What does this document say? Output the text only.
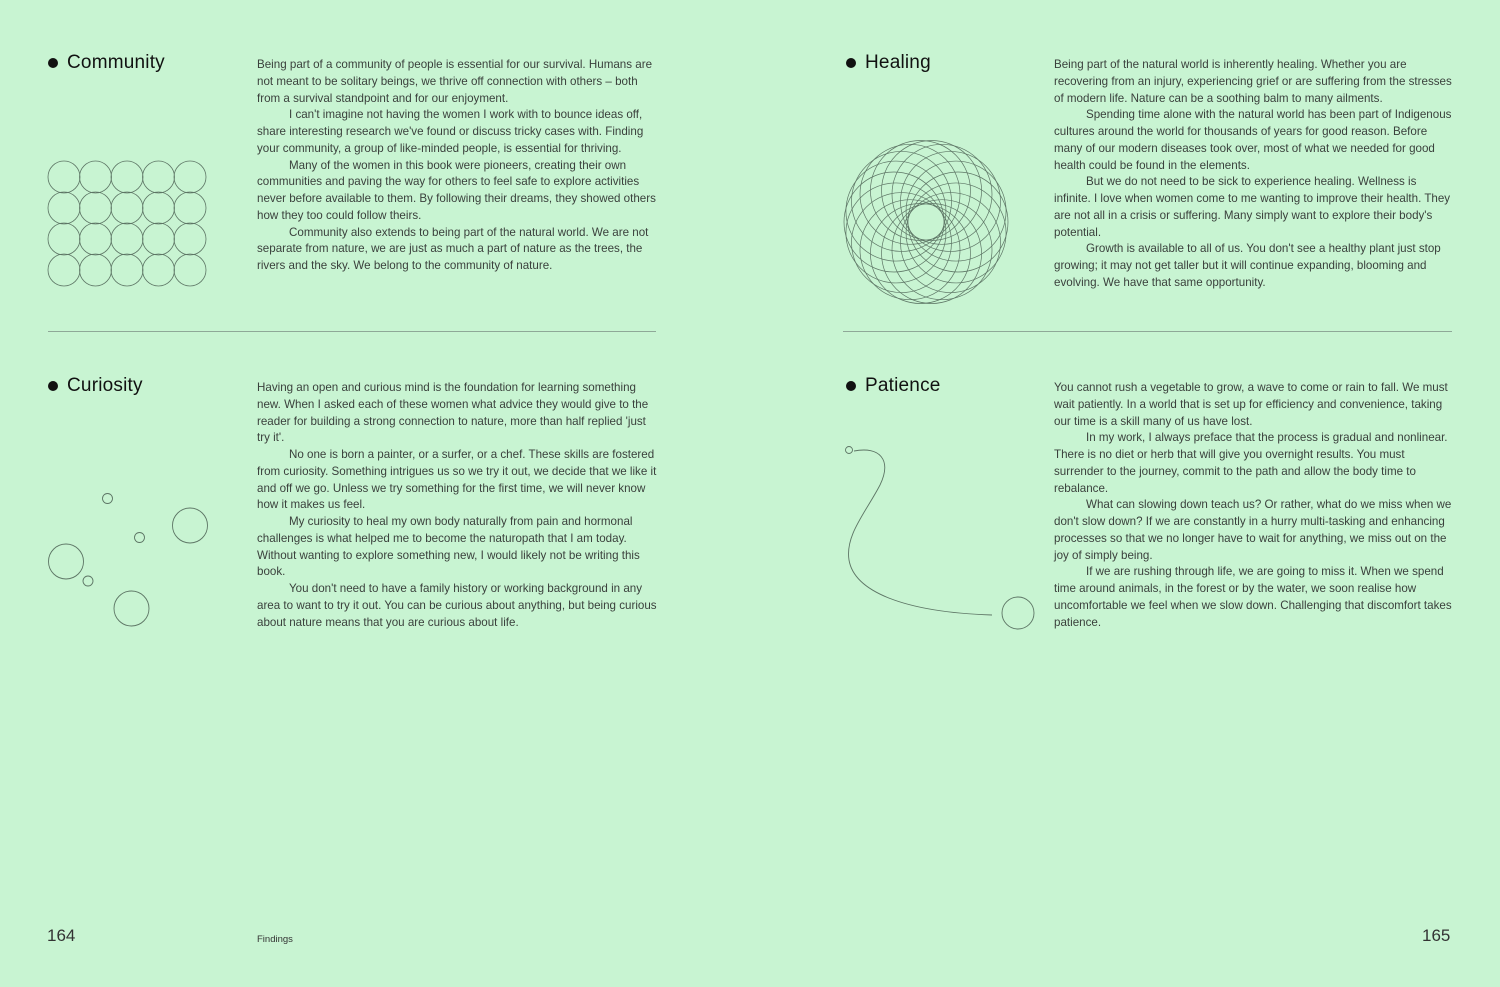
Community	Being part of a community of people is essential for our survival. Humans are not meant to be solitary beings, we thrive off connection with others – both from a survival standpoint and for our enjoyment.

I can't imagine not having the women I work with to bounce ideas off, share interesting research we've found or discuss tricky cases with. Finding your community, a group of like-minded people, is essential for thriving.

Many of the women in this book were pioneers, creating their own communities and paving the way for others to feel safe to explore activities never before available to them. By following their dreams, they showed others how they too could follow theirs.

Community also extends to being part of the natural world. We are not separate from nature, we are just as much a part of nature as the trees, the rivers and the sky. We belong to the community of nature.

Healing	Being part of the natural world is inherently healing. Whether you are recovering from an injury, experiencing grief or are suffering from the stresses of modern life. Nature can be a soothing balm to many ailments.

Spending time alone with the natural world has been part of Indigenous cultures around the world for thousands of years for good reason. Before many of our modern diseases took over, most of what we needed for good health could be found in the elements.

But we do not need to be sick to experience healing. Wellness is infinite. I love when women come to me wanting to improve their health. They are not all in a crisis or suffering. Many simply want to explore their body's potential.

Growth is available to all of us. You don't see a healthy plant just stop growing; it may not get taller but it will continue expanding, blooming and evolving. We have that same opportunity.

Curiosity	Having an open and curious mind is the foundation for learning something new. When I asked each of these women what advice they would give to the reader for building a strong connection to nature, more than half replied 'just try it'.

No one is born a painter, or a surfer, or a chef. These skills are fostered from curiosity. Something intrigues us so we try it out, we decide that we like it and off we go. Unless we try something for the first time, we will never know how it makes us feel.

My curiosity to heal my own body naturally from pain and hormonal challenges is what helped me to become the naturopath that I am today. Without wanting to explore something new, I would likely not be writing this book.

You don't need to have a family history or working background in any area to want to try it out. You can be curious about anything, but being curious about nature means that you are curious about life.

Patience	You cannot rush a vegetable to grow, a wave to come or rain to fall. We must wait patiently. In a world that is set up for efficiency and convenience, taking our time is a skill many of us have lost.

In my work, I always preface that the process is gradual and nonlinear. There is no diet or herb that will give you overnight results. You must surrender to the journey, commit to the path and allow the body time to rebalance.

What can slowing down teach us? Or rather, what do we miss when we don't slow down? If we are constantly in a hurry multi-tasking and enhancing processes so that we no longer have to wait for anything, we miss out on the joy of simply being.

If we are rushing through life, we are going to miss it. When we spend time around animals, in the forest or by the water, we soon realise how uncomfortable we feel when we slow down. Challenging that discomfort takes patience.

164	Findings	165
